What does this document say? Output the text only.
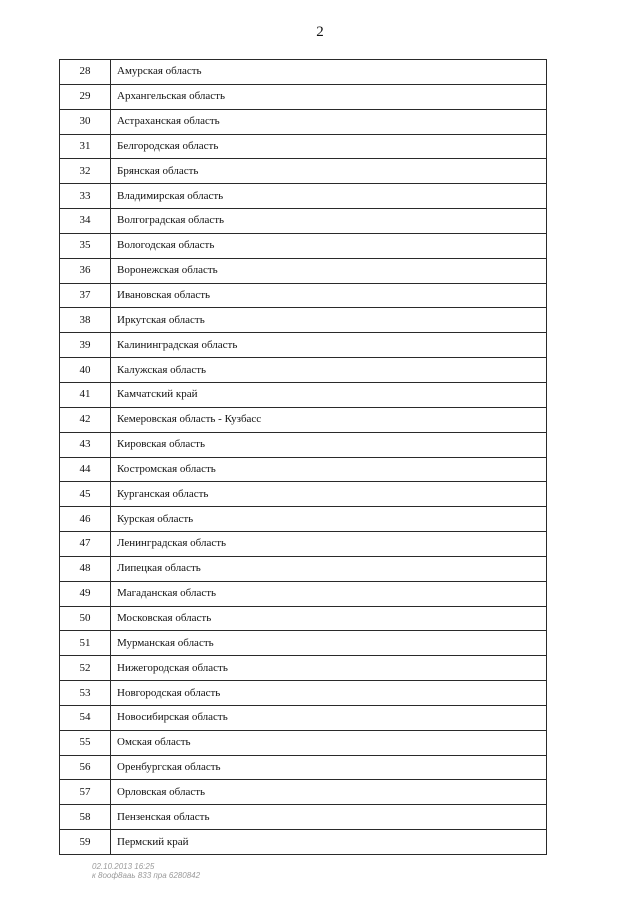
2
28	Амурская область
29	Архангельская область
30	Астраханская область
31	Белгородская область
32	Брянская область
33	Владимирская область
34	Волгоградская область
35	Вологодская область
36	Воронежская область
37	Ивановская область
38	Иркутская область
39	Калининградская область
40	Калужская область
41	Камчатский край
42	Кемеровская область - Кузбасс
43	Кировская область
44	Костромская область
45	Курганская область
46	Курская область
47	Ленинградская область
48	Липецкая область
49	Магаданская область
50	Московская область
51	Мурманская область
52	Нижегородская область
53	Новгородская область
54	Новосибирская область
55	Омская область
56	Оренбургская область
57	Орловская область
58	Пензенская область
59	Пермский край
02.10.2013 16:25
к 8ооф8ааь 833 пра 6280842
